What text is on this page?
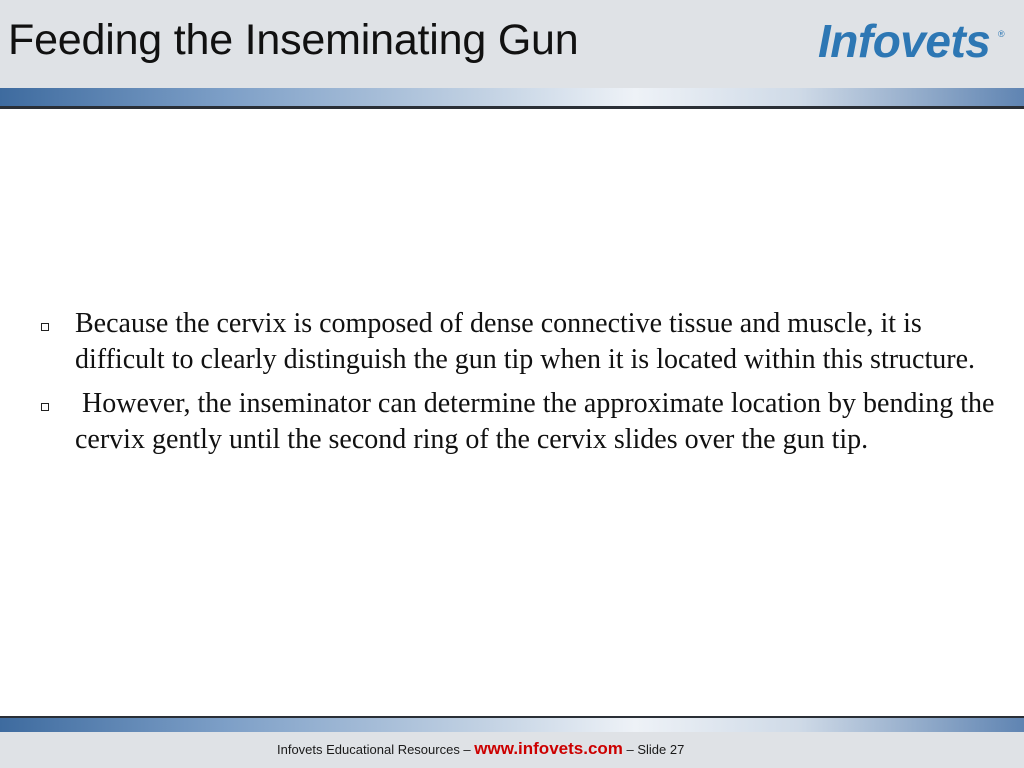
Feeding the Inseminating Gun	Infovets ®
Because the cervix is composed of dense connective tissue and muscle, it is difficult to clearly distinguish the gun tip when it is located within this structure.
However, the inseminator can determine the approximate location by bending the cervix gently until the second ring of the cervix slides over the gun tip.
Infovets Educational Resources – www.infovets.com – Slide 27
